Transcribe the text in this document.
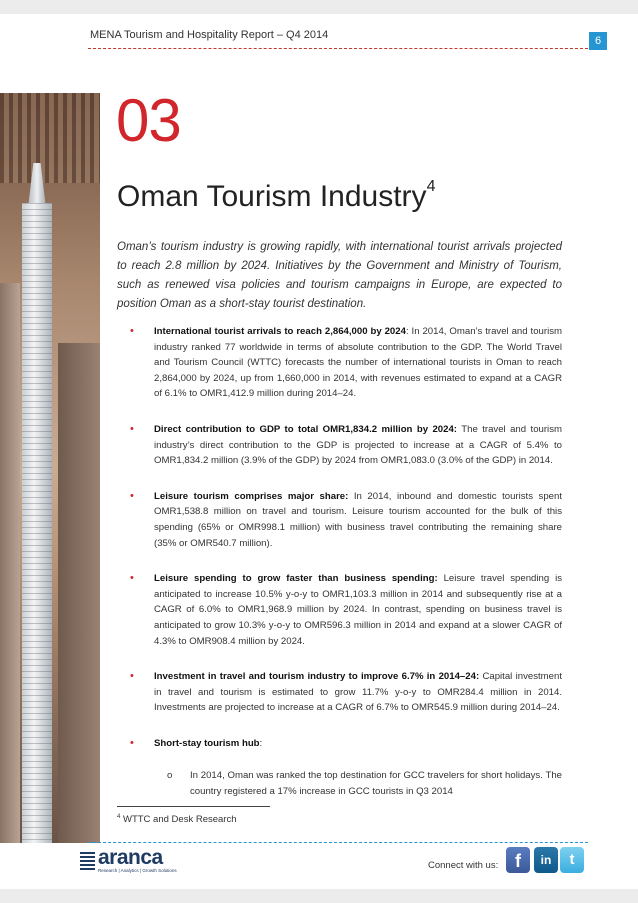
MENA Tourism and Hospitality Report – Q4 2014	6
03
Oman Tourism Industry$^4$

Oman’s tourism industry is growing rapidly, with international tourist arrivals projected to reach 2.8 million by 2024. Initiatives by the Government and Ministry of Tourism, such as renewed visa policies and tourism campaigns in Europe, are expected to position Oman as a short-stay tourist destination.

• International tourist arrivals to reach 2,864,000 by 2024: In 2014, Oman’s travel and tourism industry ranked 77 worldwide in terms of absolute contribution to the GDP. The World Travel and Tourism Council (WTTC) forecasts the number of international tourists in Oman to reach 2,864,000 by 2024, up from 1,660,000 in 2014, with revenues estimated to expand at a CAGR of 6.1% to OMR1,412.9 million during 2014–24.
• Direct contribution to GDP to total OMR1,834.2 million by 2024: The travel and tourism industry’s direct contribution to the GDP is projected to increase at a CAGR of 5.4% to OMR1,834.2 million (3.9% of the GDP) by 2024 from OMR1,083.0 (3.0% of the GDP) in 2014.
• Leisure tourism comprises major share: In 2014, inbound and domestic tourists spent OMR1,538.8 million on travel and tourism. Leisure tourism accounted for the bulk of this spending (65% or OMR998.1 million) with business travel contributing the remaining share (35% or OMR540.7 million).
• Leisure spending to grow faster than business spending: Leisure travel spending is anticipated to increase 10.5% y-o-y to OMR1,103.3 million in 2014 and subsequently rise at a CAGR of 6.0% to OMR1,968.9 million by 2024. In contrast, spending on business travel is anticipated to grow 10.3% y-o-y to OMR596.3 million in 2014 and expand at a slower CAGR of 4.3% to OMR908.4 million by 2024.
• Investment in travel and tourism industry to improve 6.7% in 2014–24: Capital investment in travel and tourism is estimated to grow 11.7% y-o-y to OMR284.4 million in 2014. Investments are projected to increase at a CAGR of 6.7% to OMR545.9 million during 2014–24.
• Short-stay tourism hub:
o In 2014, Oman was ranked the top destination for GCC travelers for short holidays. The country registered a 17% increase in GCC tourists in Q3 2014
$^4$ WTTC and Desk Research
aranca
Research | Analytics | Growth Solutions	Connect with us: f	in	t
